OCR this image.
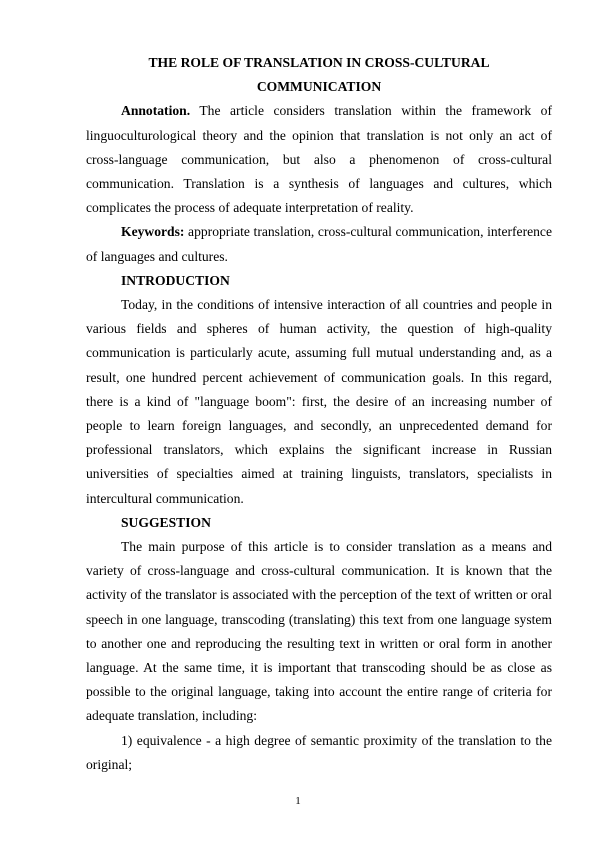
THE ROLE OF TRANSLATION IN CROSS-CULTURAL

COMMUNICATION

Annotation. The article considers translation within the framework of linguoculturological theory and the opinion that translation is not only an act of cross-language communication, but also a phenomenon of cross-cultural communication. Translation is a synthesis of languages and cultures, which complicates the process of adequate interpretation of reality.

Keywords: appropriate translation, cross-cultural communication, interference of languages and cultures.

INTRODUCTION

Today, in the conditions of intensive interaction of all countries and people in various fields and spheres of human activity, the question of high-quality communication is particularly acute, assuming full mutual understanding and, as a result, one hundred percent achievement of communication goals. In this regard, there is a kind of "language boom": first, the desire of an increasing number of people to learn foreign languages, and secondly, an unprecedented demand for professional translators, which explains the significant increase in Russian universities of specialties aimed at training linguists, translators, specialists in intercultural communication.

SUGGESTION

The main purpose of this article is to consider translation as a means and variety of cross-language and cross-cultural communication. It is known that the activity of the translator is associated with the perception of the text of written or oral speech in one language, transcoding (translating) this text from one language system to another one and reproducing the resulting text in written or oral form in another language. At the same time, it is important that transcoding should be as close as possible to the original language, taking into account the entire range of criteria for adequate translation, including:

1) equivalence - a high degree of semantic proximity of the translation to the original;

1
